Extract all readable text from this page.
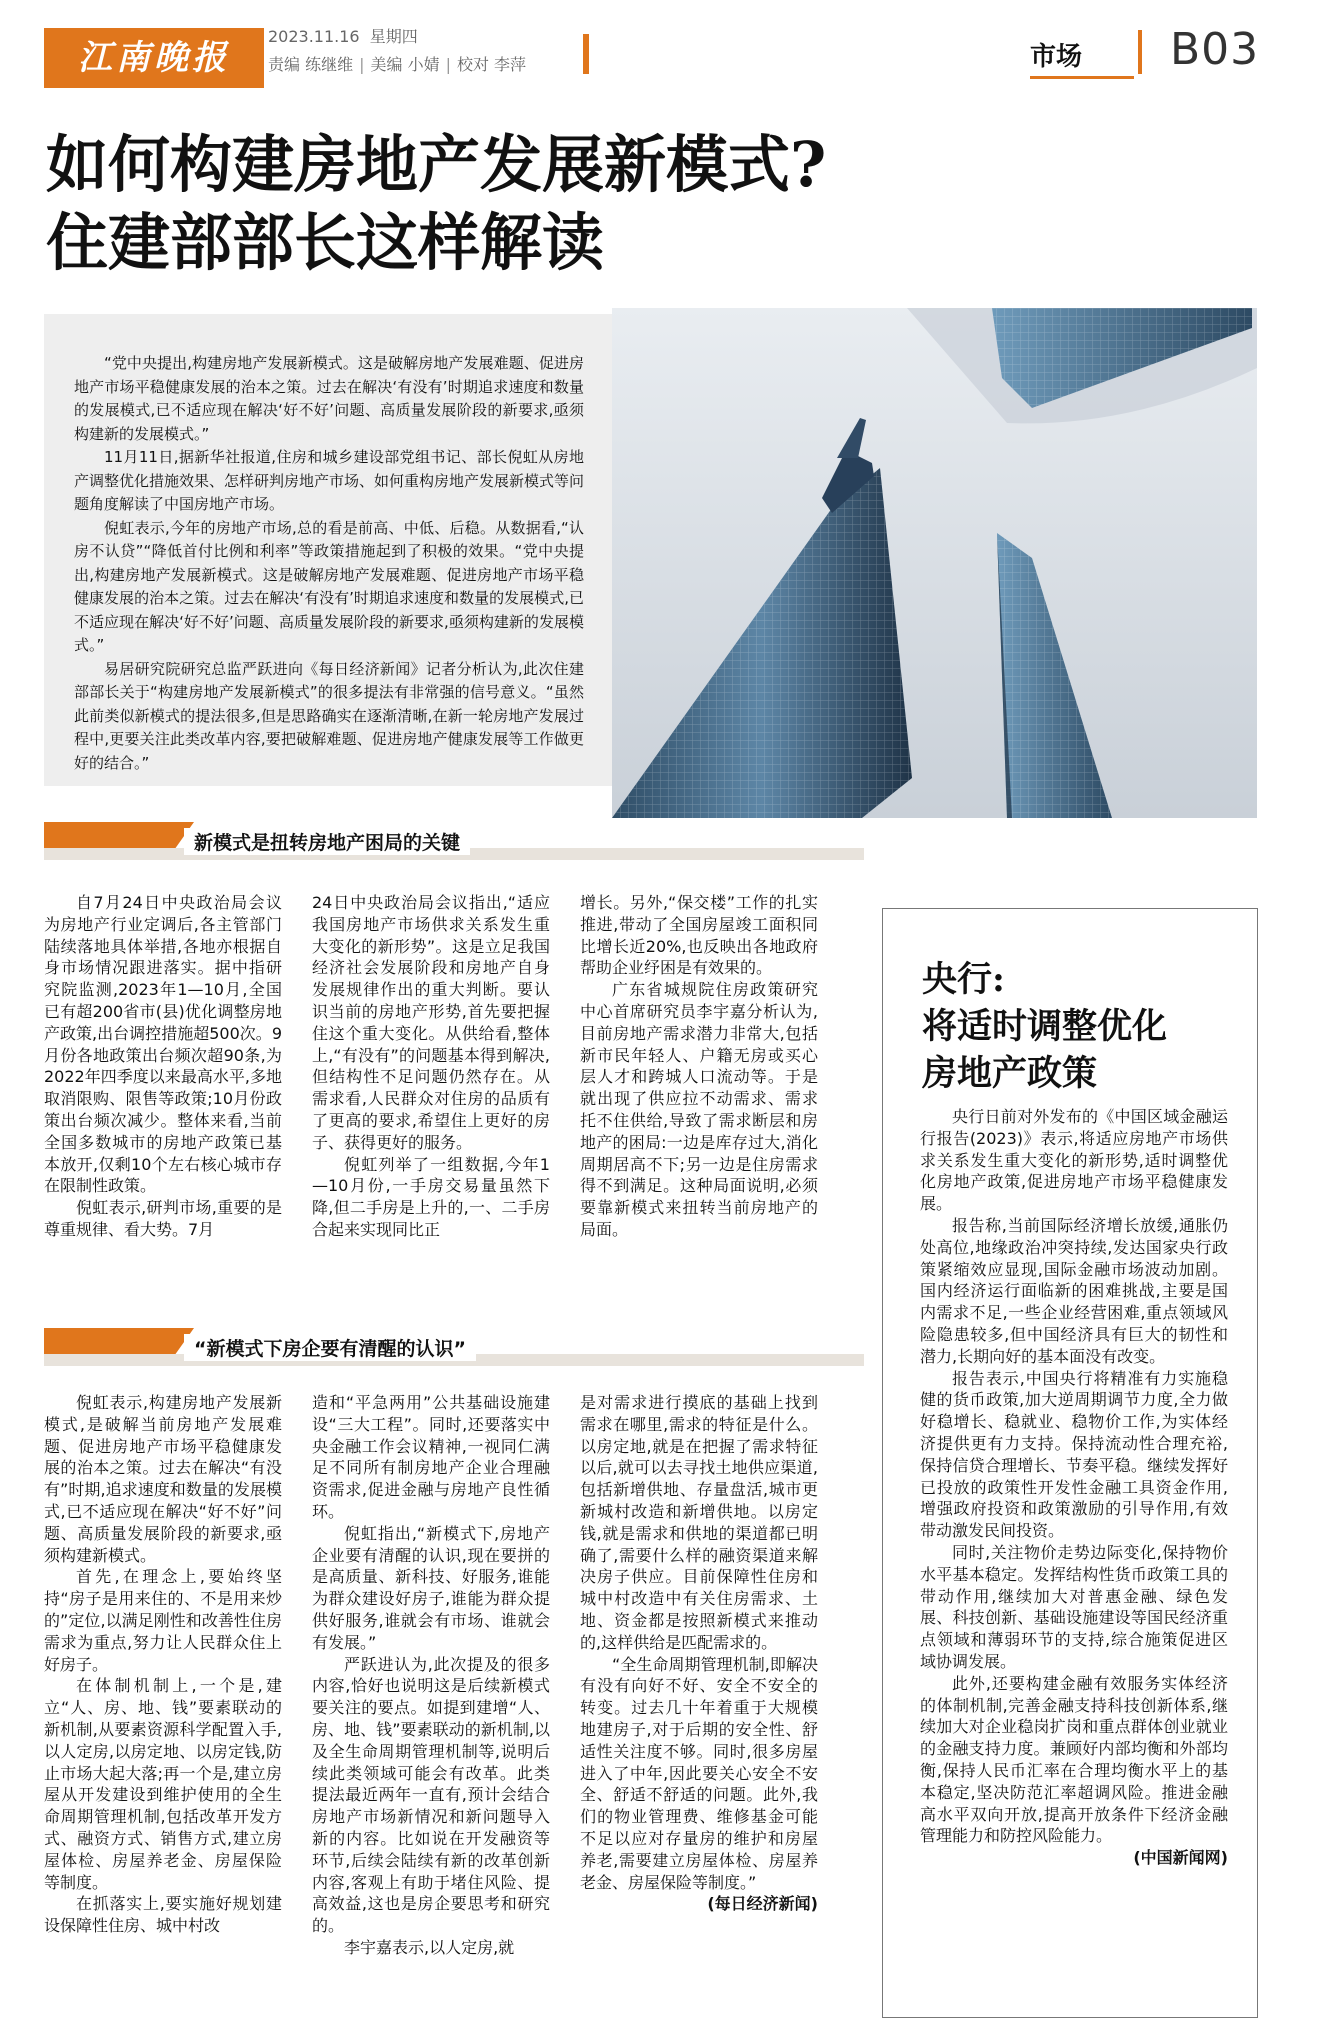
江南晚报
2023.11.16 星期四
责编 练继维 | 美编 小婧 | 校对 李萍	市场 B03
如何构建房地产发展新模式?
住建部部长这样解读

“党中央提出,构建房地产发展新模式。这是破解房地产发展难题、促进房地产市场平稳健康发展的治本之策。过去在解决‘有没有’时期追求速度和数量的发展模式,已不适应现在解决‘好不好’问题、高质量发展阶段的新要求,亟须构建新的发展模式。”

11月11日,据新华社报道,住房和城乡建设部党组书记、部长倪虹从房地产调整优化措施效果、怎样研判房地产市场、如何重构房地产发展新模式等问题角度解读了中国房地产市场。

倪虹表示,今年的房地产市场,总的看是前高、中低、后稳。从数据看,“认房不认贷”“降低首付比例和利率”等政策措施起到了积极的效果。“党中央提出,构建房地产发展新模式。这是破解房地产发展难题、促进房地产市场平稳健康发展的治本之策。过去在解决‘有没有’时期追求速度和数量的发展模式,已不适应现在解决‘好不好’问题、高质量发展阶段的新要求,亟须构建新的发展模式。”

易居研究院研究总监严跃进向《每日经济新闻》记者分析认为,此次住建部部长关于“构建房地产发展新模式”的很多提法有非常强的信号意义。“虽然此前类似新模式的提法很多,但是思路确实在逐渐清晰,在新一轮房地产发展过程中,更要关注此类改革内容,要把破解难题、促进房地产健康发展等工作做更好的结合。”

新模式是扭转房地产困局的关键

自7月24日中央政治局会议为房地产行业定调后,各主管部门陆续落地具体举措,各地亦根据自身市场情况跟进落实。据中指研究院监测,2023年1—10月,全国已有超200省市(县)优化调整房地产政策,出台调控措施超500次。9月份各地政策出台频次超90条,为2022年四季度以来最高水平,多地取消限购、限售等政策;10月份政策出台频次减少。整体来看,当前全国多数城市的房地产政策已基本放开,仅剩10个左右核心城市存在限制性政策。

倪虹表示,研判市场,重要的是尊重规律、看大势。7月

24日中央政治局会议指出,“适应我国房地产市场供求关系发生重大变化的新形势”。这是立足我国经济社会发展阶段和房地产自身发展规律作出的重大判断。要认识当前的房地产形势,首先要把握住这个重大变化。从供给看,整体上,“有没有”的问题基本得到解决,但结构性不足问题仍然存在。从需求看,人民群众对住房的品质有了更高的要求,希望住上更好的房子、获得更好的服务。

倪虹列举了一组数据,今年1—10月份,一手房交易量虽然下降,但二手房是上升的,一、二手房合起来实现同比正

增长。另外,“保交楼”工作的扎实推进,带动了全国房屋竣工面积同比增长近20%,也反映出各地政府帮助企业纾困是有效果的。

广东省城规院住房政策研究中心首席研究员李宇嘉分析认为,目前房地产需求潜力非常大,包括新市民年轻人、户籍无房或买心层人才和跨城人口流动等。于是就出现了供应拉不动需求、需求托不住供给,导致了需求断层和房地产的困局:一边是库存过大,消化周期居高不下;另一边是住房需求得不到满足。这种局面说明,必须要靠新模式来扭转当前房地产的局面。

“新模式下房企要有清醒的认识”

倪虹表示,构建房地产发展新模式,是破解当前房地产发展难题、促进房地产市场平稳健康发展的治本之策。过去在解决“有没有”时期,追求速度和数量的发展模式,已不适应现在解决“好不好”问题、高质量发展阶段的新要求,亟须构建新模式。

首先,在理念上,要始终坚持“房子是用来住的、不是用来炒的”定位,以满足刚性和改善性住房需求为重点,努力让人民群众住上好房子。

在体制机制上,一个是,建立“人、房、地、钱”要素联动的新机制,从要素资源科学配置入手,以人定房,以房定地、以房定钱,防止市场大起大落;再一个是,建立房屋从开发建设到维护使用的全生命周期管理机制,包括改革开发方式、融资方式、销售方式,建立房屋体检、房屋养老金、房屋保险等制度。

在抓落实上,要实施好规划建设保障性住房、城中村改

造和“平急两用”公共基础设施建设“三大工程”。同时,还要落实中央金融工作会议精神,一视同仁满足不同所有制房地产企业合理融资需求,促进金融与房地产良性循环。

倪虹指出,“新模式下,房地产企业要有清醒的认识,现在要拼的是高质量、新科技、好服务,谁能为群众建设好房子,谁能为群众提供好服务,谁就会有市场、谁就会有发展。”

严跃进认为,此次提及的很多内容,恰好也说明这是后续新模式要关注的要点。如提到建增“人、房、地、钱”要素联动的新机制,以及全生命周期管理机制等,说明后续此类领域可能会有改革。此类提法最近两年一直有,预计会结合房地产市场新情况和新问题导入新的内容。比如说在开发融资等环节,后续会陆续有新的改革创新内容,客观上有助于堵住风险、提高效益,这也是房企要思考和研究的。

李宇嘉表示,以人定房,就

是对需求进行摸底的基础上找到需求在哪里,需求的特征是什么。以房定地,就是在把握了需求特征以后,就可以去寻找土地供应渠道,包括新增供地、存量盘活,城市更新城村改造和新增供地。以房定钱,就是需求和供地的渠道都已明确了,需要什么样的融资渠道来解决房子供应。目前保障性住房和城中村改造中有关住房需求、土地、资金都是按照新模式来推动的,这样供给是匹配需求的。

“全生命周期管理机制,即解决有没有向好不好、安全不安全的转变。过去几十年着重于大规模地建房子,对于后期的安全性、舒适性关注度不够。同时,很多房屋进入了中年,因此要关心安全不安全、舒适不舒适的问题。此外,我们的物业管理费、维修基金可能不足以应对存量房的维护和房屋养老,需要建立房屋体检、房屋养老金、房屋保险等制度。”

(每日经济新闻)

央行:
将适时调整优化
房地产政策

央行日前对外发布的《中国区域金融运行报告(2023)》表示,将适应房地产市场供求关系发生重大变化的新形势,适时调整优化房地产政策,促进房地产市场平稳健康发展。

报告称,当前国际经济增长放缓,通胀仍处高位,地缘政治冲突持续,发达国家央行政策紧缩效应显现,国际金融市场波动加剧。国内经济运行面临新的困难挑战,主要是国内需求不足,一些企业经营困难,重点领域风险隐患较多,但中国经济具有巨大的韧性和潜力,长期向好的基本面没有改变。

报告表示,中国央行将精准有力实施稳健的货币政策,加大逆周期调节力度,全力做好稳增长、稳就业、稳物价工作,为实体经济提供更有力支持。保持流动性合理充裕,保持信贷合理增长、节奏平稳。继续发挥好已投放的政策性开发性金融工具资金作用,增强政府投资和政策激励的引导作用,有效带动激发民间投资。

同时,关注物价走势边际变化,保持物价水平基本稳定。发挥结构性货币政策工具的带动作用,继续加大对普惠金融、绿色发展、科技创新、基础设施建设等国民经济重点领域和薄弱环节的支持,综合施策促进区域协调发展。

此外,还要构建金融有效服务实体经济的体制机制,完善金融支持科技创新体系,继续加大对企业稳岗扩岗和重点群体创业就业的金融支持力度。兼顾好内部均衡和外部均衡,保持人民币汇率在合理均衡水平上的基本稳定,坚决防范汇率超调风险。推进金融高水平双向开放,提高开放条件下经济金融管理能力和防控风险能力。

(中国新闻网)
